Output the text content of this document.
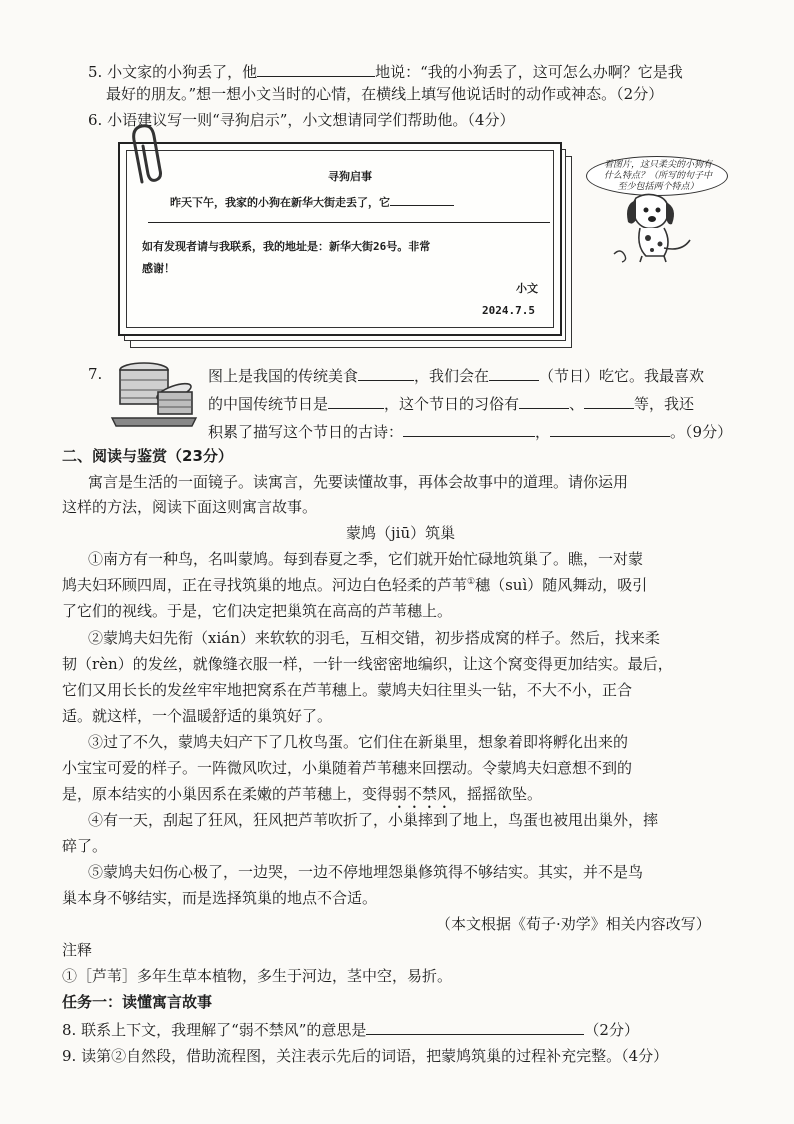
5. 小文家的小狗丢了，他	地说：“我的小狗丢了，这可怎么办啊？它是我
最好的朋友。”想一想小文当时的心情，在横线上填写他说话时的动作或神态。（2分）
6. 小语建议写一则“寻狗启示”，小文想请同学们帮助他。（4分）
寻狗启事
昨天下午，我家的小狗在新华大街走丢了，它
如有发现者请与我联系，我的地址是：新华大街26号。非常
感谢！
小文
2024.7.5
看图片，这只柔尖的小狗有什么特点？（所写的句子中至少包括两个特点）
7.	图上是我国的传统美食	，我们会在	（节日）吃它。我最喜欢
的中国传统节日是	，这个节日的习俗有	、	等，我还
积累了描写这个节日的古诗：	，	。（9分）
二、阅读与鉴赏（23分）
寓言是生活的一面镜子。读寓言，先要读懂故事，再体会故事中的道理。请你运用
这样的方法，阅读下面这则寓言故事。
蒙鸠（jiū）筑巢
①南方有一种鸟，名叫蒙鸠。每到春夏之季，它们就开始忙碌地筑巢了。瞧，一对蒙
鸠夫妇环顾四周，正在寻找筑巢的地点。河边白色轻柔的芦苇①穗（suì）随风舞动，吸引
了它们的视线。于是，它们决定把巢筑在高高的芦苇穗上。
②蒙鸠夫妇先衔（xián）来软软的羽毛，互相交错，初步搭成窝的样子。然后，找来柔
韧（rèn）的发丝，就像缝衣服一样，一针一线密密地编织，让这个窝变得更加结实。最后，
它们又用长长的发丝牢牢地把窝系在芦苇穗上。蒙鸠夫妇往里头一钻，不大不小，正合
适。就这样，一个温暖舒适的巢筑好了。
③过了不久，蒙鸠夫妇产下了几枚鸟蛋。它们住在新巢里，想象着即将孵化出来的
小宝宝可爱的样子。一阵微风吹过，小巢随着芦苇穗来回摆动。令蒙鸠夫妇意想不到的
是，原本结实的小巢因系在柔嫩的芦苇穗上，变得弱不禁风，摇摇欲坠。
④有一天，刮起了狂风，狂风把芦苇吹折了，小巢摔到了地上，鸟蛋也被甩出巢外，摔
碎了。
⑤蒙鸠夫妇伤心极了，一边哭，一边不停地埋怨巢修筑得不够结实。其实，并不是鸟
巢本身不够结实，而是选择筑巢的地点不合适。
（本文根据《荀子·劝学》相关内容改写）
注释
①［芦苇］多年生草本植物，多生于河边，茎中空，易折。
任务一：读懂寓言故事
8. 联系上下文，我理解了“弱不禁风”的意思是	（2分）
9. 读第②自然段，借助流程图，关注表示先后的词语，把蒙鸠筑巢的过程补充完整。（4分）
